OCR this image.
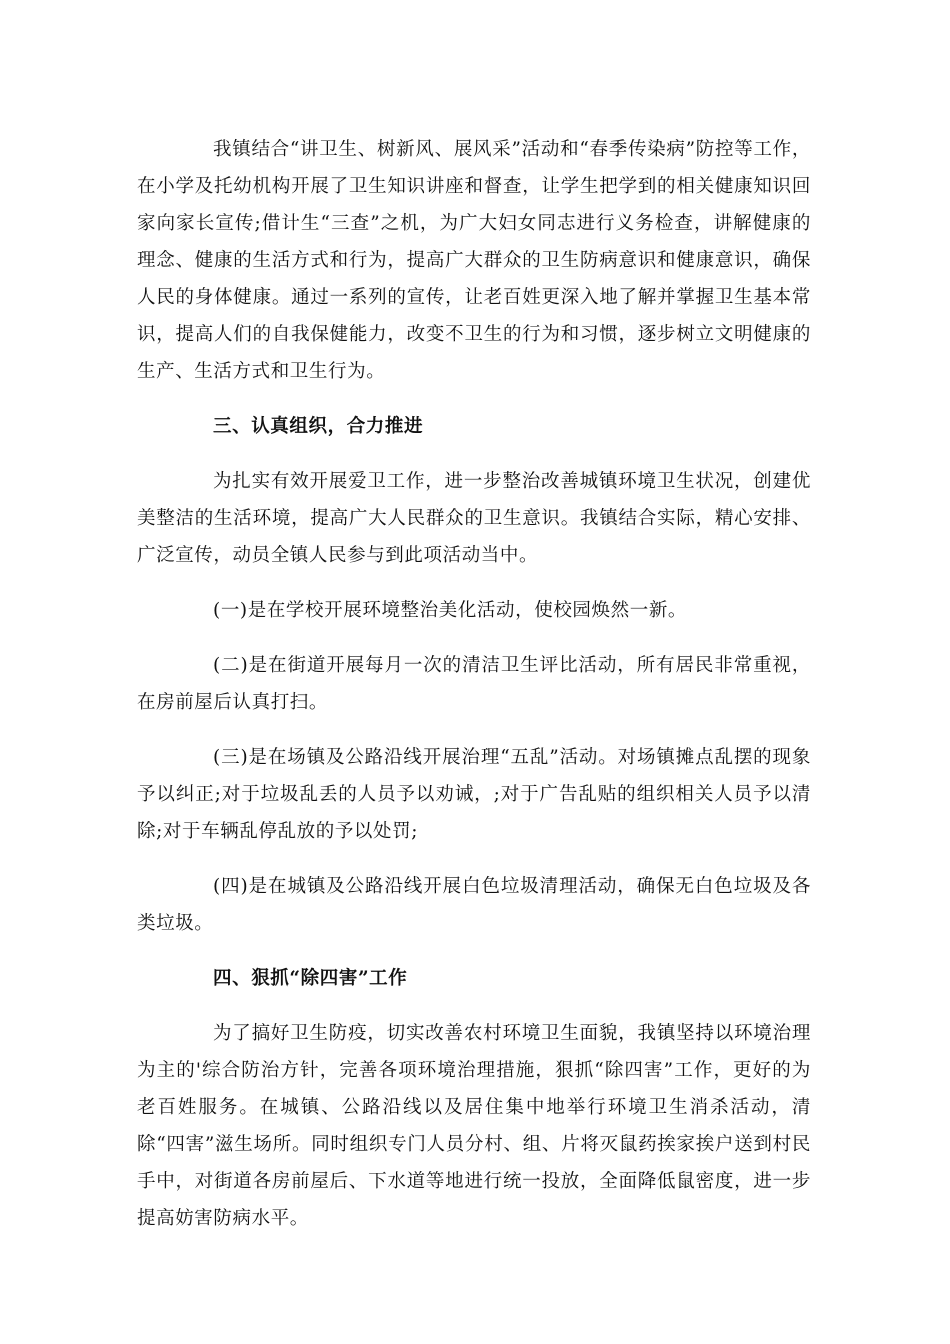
我镇结合“讲卫生、树新风、展风采”活动和“春季传染病”防控等工作，在小学及托幼机构开展了卫生知识讲座和督查，让学生把学到的相关健康知识回家向家长宣传;借计生“三查”之机，为广大妇女同志进行义务检查，讲解健康的理念、健康的生活方式和行为，提高广大群众的卫生防病意识和健康意识，确保人民的身体健康。通过一系列的宣传，让老百姓更深入地了解并掌握卫生基本常识，提高人们的自我保健能力，改变不卫生的行为和习惯，逐步树立文明健康的生产、生活方式和卫生行为。

三、认真组织，合力推进

为扎实有效开展爱卫工作，进一步整治改善城镇环境卫生状况，创建优美整洁的生活环境，提高广大人民群众的卫生意识。我镇结合实际，精心安排、广泛宣传，动员全镇人民参与到此项活动当中。

(一)是在学校开展环境整治美化活动，使校园焕然一新。

(二)是在街道开展每月一次的清洁卫生评比活动，所有居民非常重视，在房前屋后认真打扫。

(三)是在场镇及公路沿线开展治理“五乱”活动。对场镇摊点乱摆的现象予以纠正;对于垃圾乱丢的人员予以劝诫，;对于广告乱贴的组织相关人员予以清除;对于车辆乱停乱放的予以处罚;

(四)是在城镇及公路沿线开展白色垃圾清理活动，确保无白色垃圾及各类垃圾。

四、狠抓“除四害”工作

为了搞好卫生防疫，切实改善农村环境卫生面貌，我镇坚持以环境治理为主的'综合防治方针，完善各项环境治理措施，狠抓“除四害”工作，更好的为老百姓服务。在城镇、公路沿线以及居住集中地举行环境卫生消杀活动，清除“四害”滋生场所。同时组织专门人员分村、组、片将灭鼠药挨家挨户送到村民手中，对街道各房前屋后、下水道等地进行统一投放，全面降低鼠密度，进一步提高妨害防病水平。
